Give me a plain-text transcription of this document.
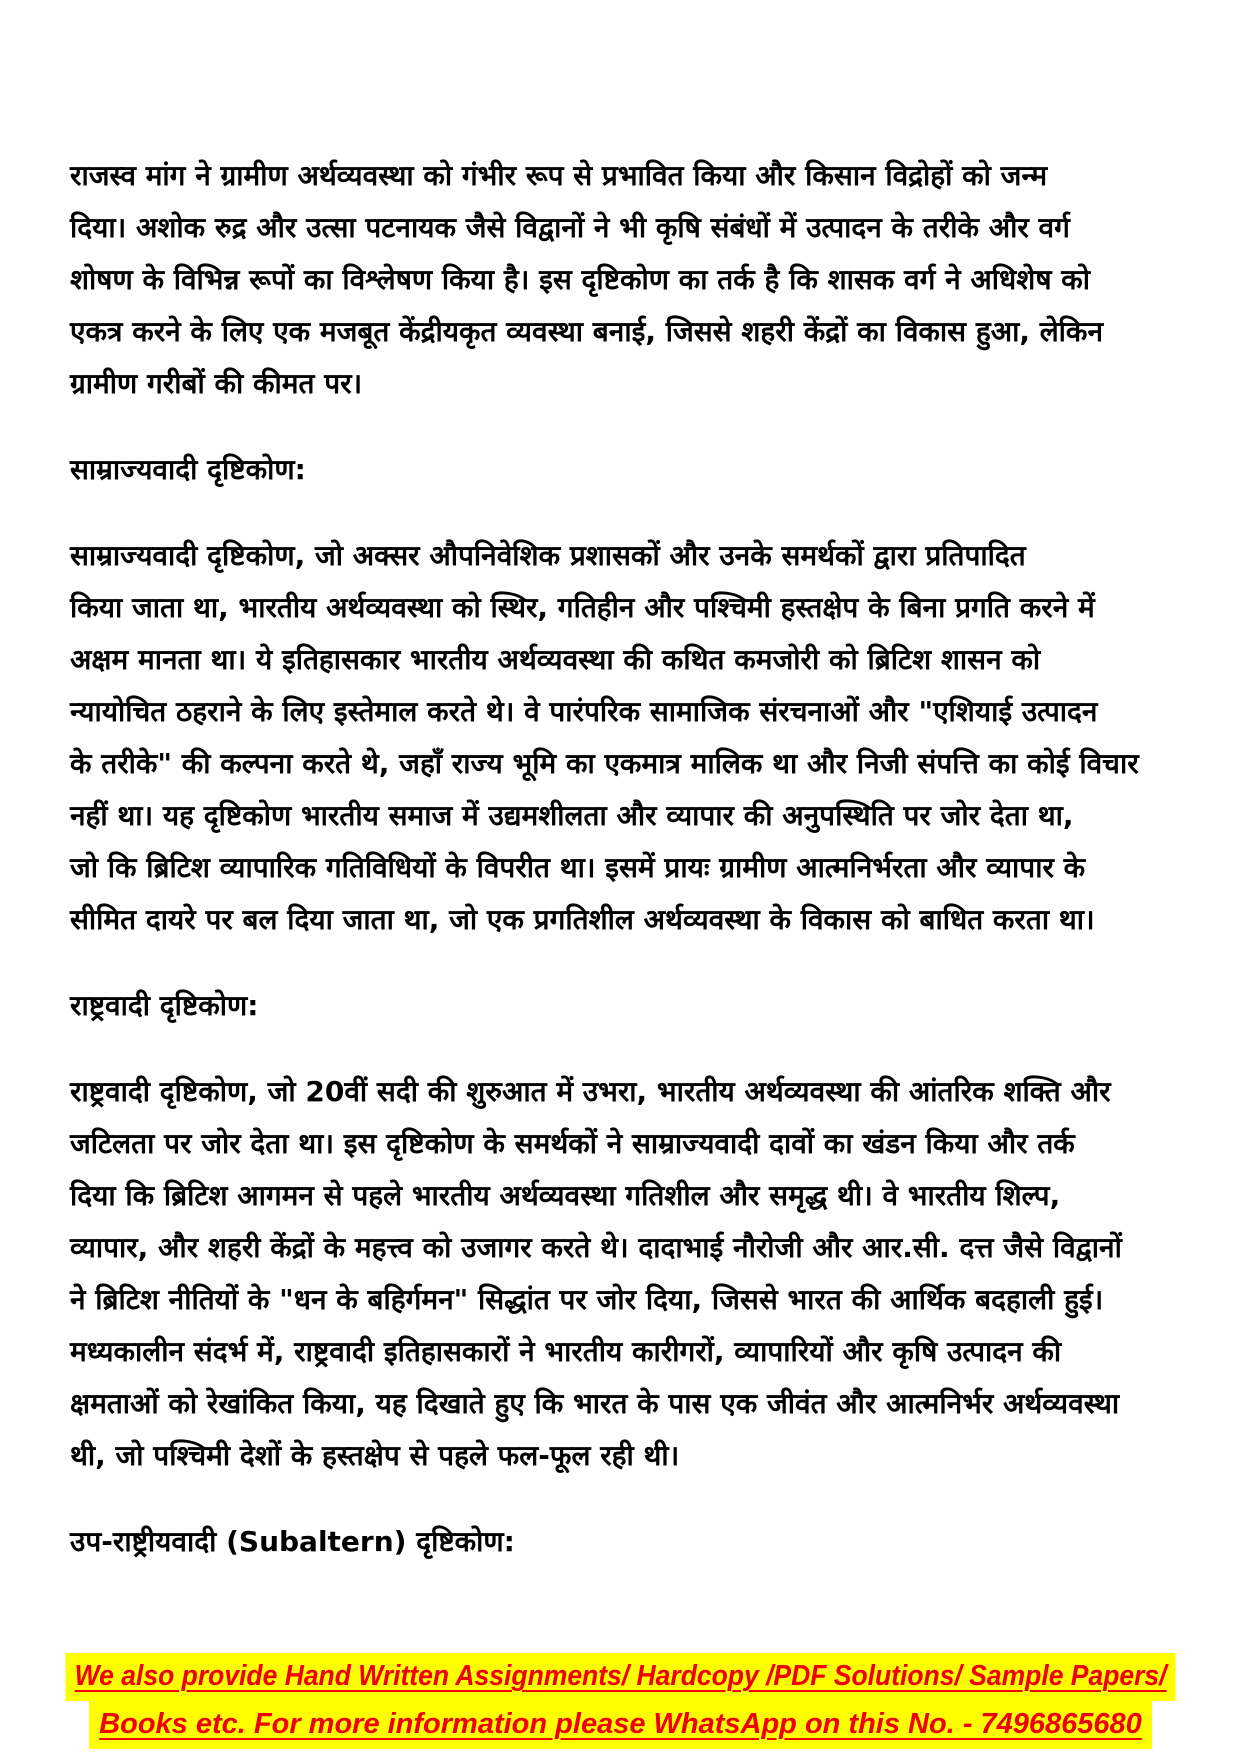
राजस्व मांग ने ग्रामीण अर्थव्यवस्था को गंभीर रूप से प्रभावित किया और किसान विद्रोहों को जन्म
दिया। अशोक रुद्र और उत्सा पटनायक जैसे विद्वानों ने भी कृषि संबंधों में उत्पादन के तरीके और वर्ग
शोषण के विभिन्न रूपों का विश्लेषण किया है। इस दृष्टिकोण का तर्क है कि शासक वर्ग ने अधिशेष को
एकत्र करने के लिए एक मजबूत केंद्रीयकृत व्यवस्था बनाई, जिससे शहरी केंद्रों का विकास हुआ, लेकिन
ग्रामीण गरीबों की कीमत पर।
साम्राज्यवादी दृष्टिकोण:
साम्राज्यवादी दृष्टिकोण, जो अक्सर औपनिवेशिक प्रशासकों और उनके समर्थकों द्वारा प्रतिपादित
किया जाता था, भारतीय अर्थव्यवस्था को स्थिर, गतिहीन और पश्चिमी हस्तक्षेप के बिना प्रगति करने में
अक्षम मानता था। ये इतिहासकार भारतीय अर्थव्यवस्था की कथित कमजोरी को ब्रिटिश शासन को
न्यायोचित ठहराने के लिए इस्तेमाल करते थे। वे पारंपरिक सामाजिक संरचनाओं और "एशियाई उत्पादन
के तरीके" की कल्पना करते थे, जहाँ राज्य भूमि का एकमात्र मालिक था और निजी संपत्ति का कोई विचार
नहीं था। यह दृष्टिकोण भारतीय समाज में उद्यमशीलता और व्यापार की अनुपस्थिति पर जोर देता था,
जो कि ब्रिटिश व्यापारिक गतिविधियों के विपरीत था। इसमें प्रायः ग्रामीण आत्मनिर्भरता और व्यापार के
सीमित दायरे पर बल दिया जाता था, जो एक प्रगतिशील अर्थव्यवस्था के विकास को बाधित करता था।
राष्ट्रवादी दृष्टिकोण:
राष्ट्रवादी दृष्टिकोण, जो 20वीं सदी की शुरुआत में उभरा, भारतीय अर्थव्यवस्था की आंतरिक शक्ति और
जटिलता पर जोर देता था। इस दृष्टिकोण के समर्थकों ने साम्राज्यवादी दावों का खंडन किया और तर्क
दिया कि ब्रिटिश आगमन से पहले भारतीय अर्थव्यवस्था गतिशील और समृद्ध थी। वे भारतीय शिल्प,
व्यापार, और शहरी केंद्रों के महत्त्व को उजागर करते थे। दादाभाई नौरोजी और आर.सी. दत्त जैसे विद्वानों
ने ब्रिटिश नीतियों के "धन के बहिर्गमन" सिद्धांत पर जोर दिया, जिससे भारत की आर्थिक बदहाली हुई।
मध्यकालीन संदर्भ में, राष्ट्रवादी इतिहासकारों ने भारतीय कारीगरों, व्यापारियों और कृषि उत्पादन की
क्षमताओं को रेखांकित किया, यह दिखाते हुए कि भारत के पास एक जीवंत और आत्मनिर्भर अर्थव्यवस्था
थी, जो पश्चिमी देशों के हस्तक्षेप से पहले फल-फूल रही थी।
उप-राष्ट्रीयवादी (Subaltern) दृष्टिकोण:
We also provide Hand Written Assignments/ Hardcopy /PDF Solutions/ Sample Papers/
Books etc. For more information please WhatsApp on this No. - 7496865680
